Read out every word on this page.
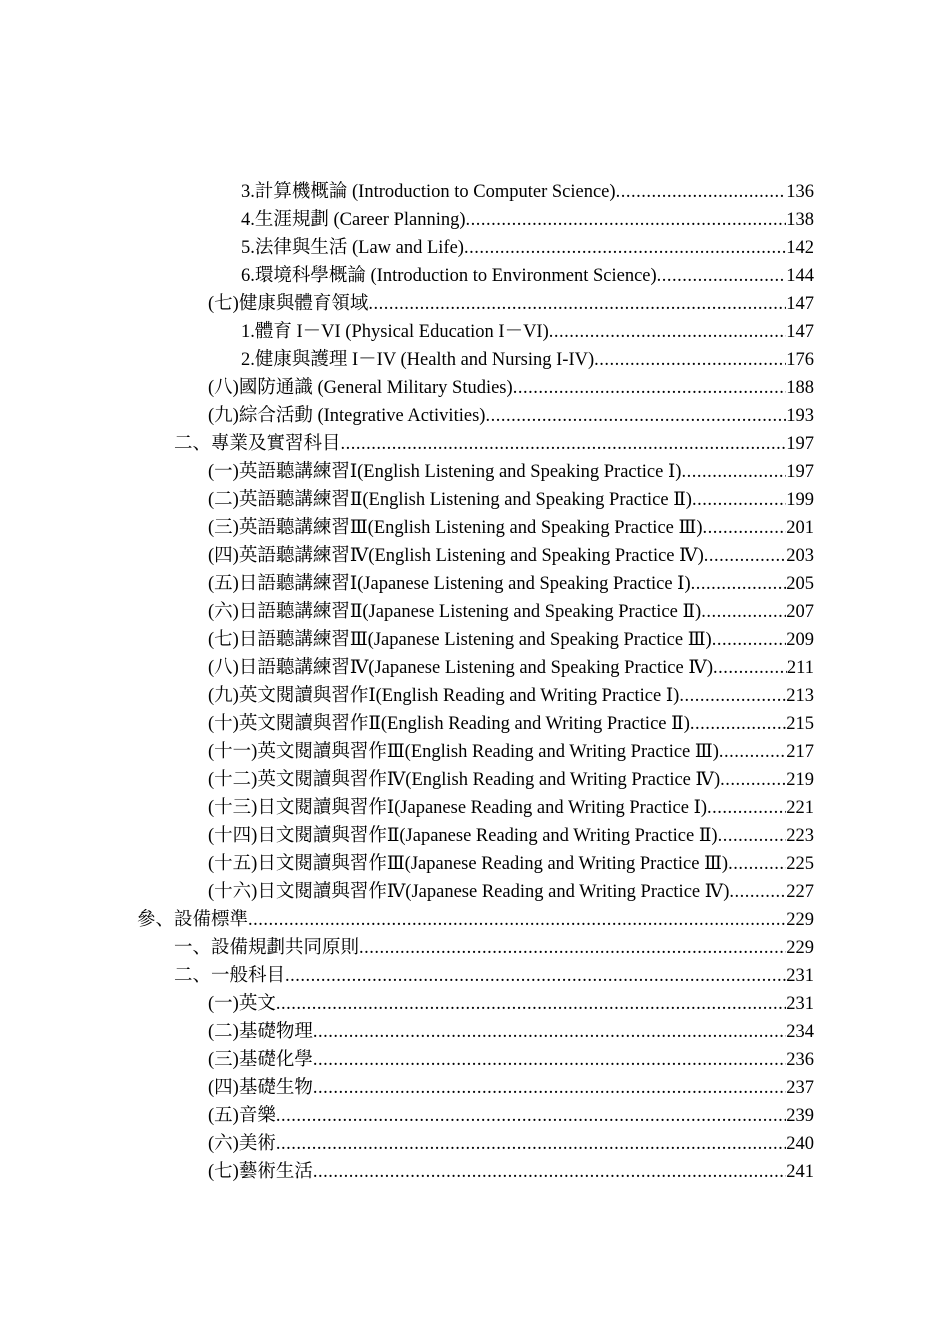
3.計算機概論 (Introduction to Computer Science) .....	136
4.生涯規劃 (Career Planning) .....	138
5.法律與生活 (Law and Life) .....	142
6.環境科學概論 (Introduction to Environment Science) .....	144
(七)健康與體育領域 .....	147
1.體育 I－VI (Physical Education I－VI) .....	147
2.健康與護理 I－IV (Health and Nursing I-IV) .....	176
(八)國防通識 (General Military Studies) .....	188
(九)綜合活動 (Integrative Activities) .....	193
二、專業及實習科目 .....	197
(一)英語聽講練習Ⅰ(English Listening and Speaking Practice Ⅰ) .....	197
(二)英語聽講練習Ⅱ(English Listening and Speaking Practice Ⅱ) .....	199
(三)英語聽講練習Ⅲ(English Listening and Speaking Practice Ⅲ) .....	201
(四)英語聽講練習Ⅳ(English Listening and Speaking Practice Ⅳ) .....	203
(五)日語聽講練習Ⅰ(Japanese Listening and Speaking Practice Ⅰ) .....	205
(六)日語聽講練習Ⅱ(Japanese Listening and Speaking Practice Ⅱ) .....	207
(七)日語聽講練習Ⅲ(Japanese Listening and Speaking Practice Ⅲ) .....	209
(八)日語聽講練習Ⅳ(Japanese Listening and Speaking Practice Ⅳ) .....	211
(九)英文閱讀與習作Ⅰ(English Reading and Writing Practice Ⅰ) .....	213
(十)英文閱讀與習作Ⅱ(English Reading and Writing Practice Ⅱ) .....	215
(十一)英文閱讀與習作Ⅲ(English Reading and Writing Practice Ⅲ) .....	217
(十二)英文閱讀與習作Ⅳ(English Reading and Writing Practice Ⅳ) .....	219
(十三)日文閱讀與習作Ⅰ(Japanese Reading and Writing Practice Ⅰ) .....	221
(十四)日文閱讀與習作Ⅱ(Japanese Reading and Writing Practice Ⅱ) .....	223
(十五)日文閱讀與習作Ⅲ(Japanese Reading and Writing Practice Ⅲ) .....	225
(十六)日文閱讀與習作Ⅳ(Japanese Reading and Writing Practice Ⅳ) .....	227
參、設備標準 .....	229
一、設備規劃共同原則 .....	229
二、一般科目 .....	231
(一)英文 .....	231
(二)基礎物理 .....	234
(三)基礎化學 .....	236
(四)基礎生物 .....	237
(五)音樂 .....	239
(六)美術 .....	240
(七)藝術生活 .....	241
